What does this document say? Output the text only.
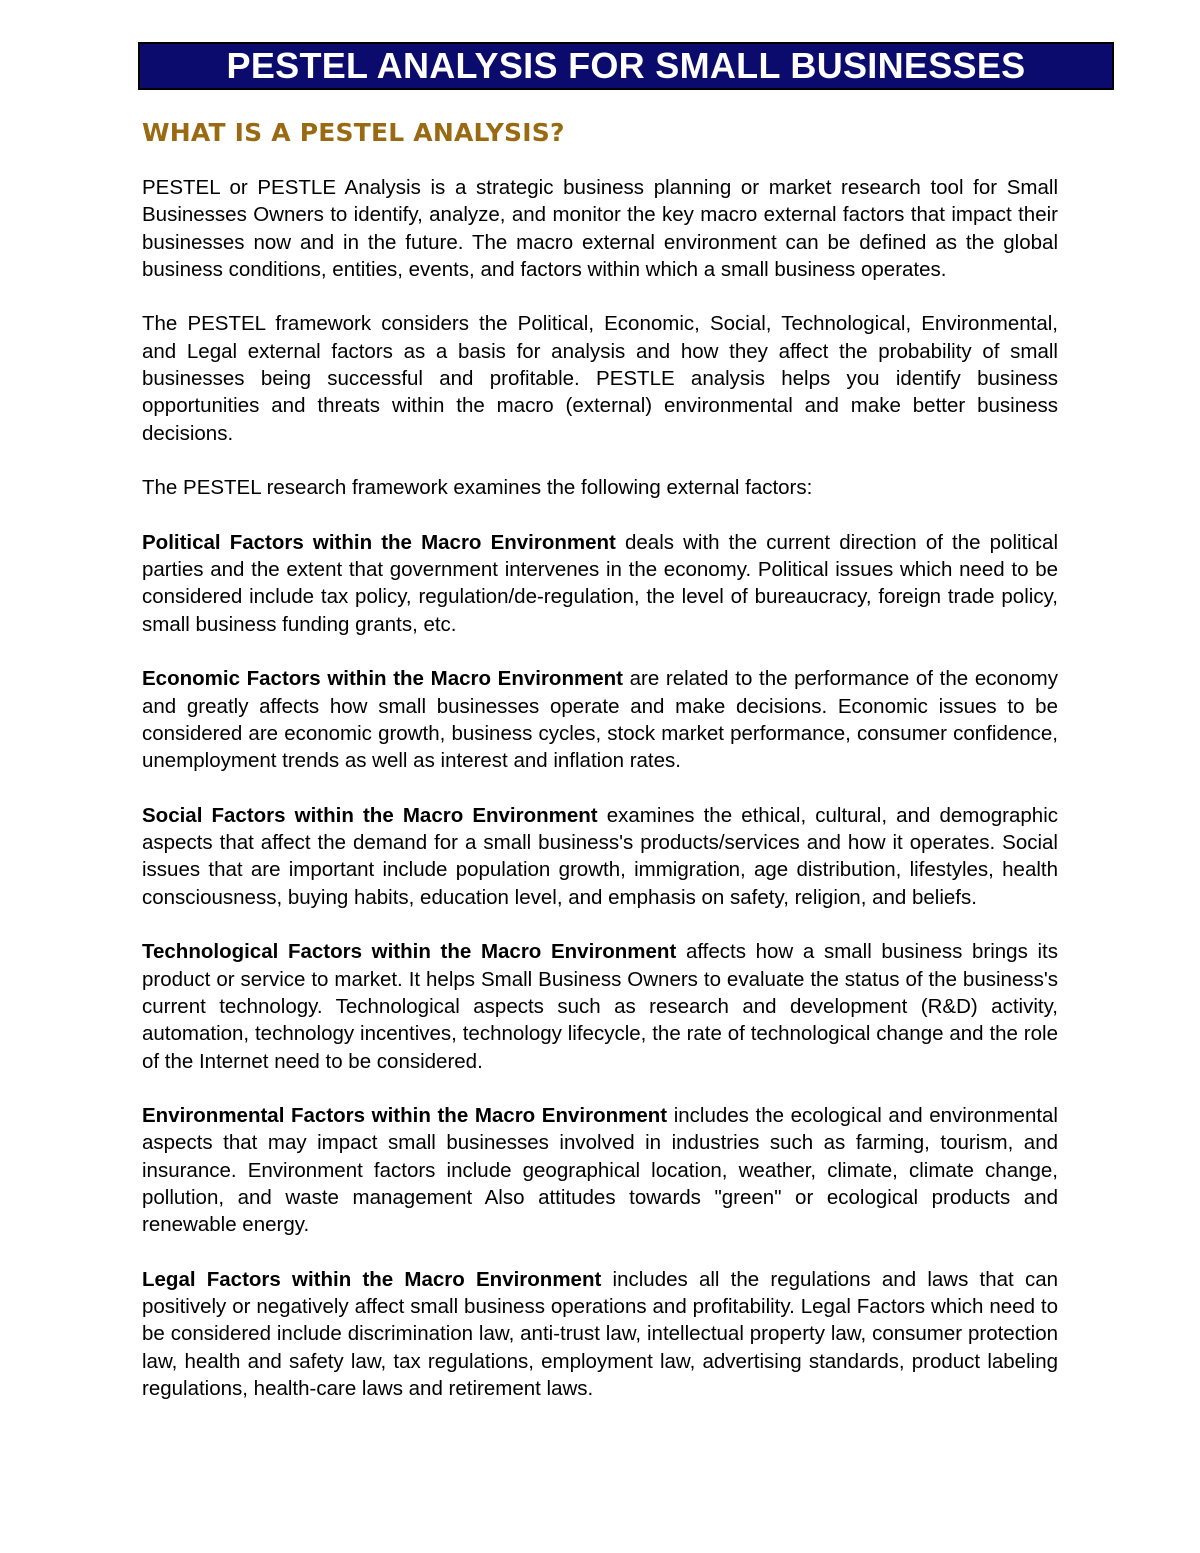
PESTEL ANALYSIS FOR SMALL BUSINESSES
WHAT IS A PESTEL ANALYSIS?

PESTEL or PESTLE Analysis is a strategic business planning or market research tool for Small Businesses Owners to identify, analyze, and monitor the key macro external factors that impact their businesses now and in the future. The macro external environment can be defined as the global business conditions, entities, events, and factors within which a small business operates.

The PESTEL framework considers the Political, Economic, Social, Technological, Environmental, and Legal external factors as a basis for analysis and how they affect the probability of small businesses being successful and profitable. PESTLE analysis helps you identify business opportunities and threats within the macro (external) environmental and make better business decisions.

The PESTEL research framework examines the following external factors:

Political Factors within the Macro Environment deals with the current direction of the political parties and the extent that government intervenes in the economy. Political issues which need to be considered include tax policy, regulation/de-regulation, the level of bureaucracy, foreign trade policy, small business funding grants, etc.

Economic Factors within the Macro Environment are related to the performance of the economy and greatly affects how small businesses operate and make decisions. Economic issues to be considered are economic growth, business cycles, stock market performance, consumer confidence, unemployment trends as well as interest and inflation rates.

Social Factors within the Macro Environment examines the ethical, cultural, and demographic aspects that affect the demand for a small business's products/services and how it operates. Social issues that are important include population growth, immigration, age distribution, lifestyles, health consciousness, buying habits, education level, and emphasis on safety, religion, and beliefs.

Technological Factors within the Macro Environment affects how a small business brings its product or service to market. It helps Small Business Owners to evaluate the status of the business's current technology. Technological aspects such as research and development (R&D) activity, automation, technology incentives, technology lifecycle, the rate of technological change and the role of the Internet need to be considered.

Environmental Factors within the Macro Environment includes the ecological and environmental aspects that may impact small businesses involved in industries such as farming, tourism, and insurance. Environment factors include geographical location, weather, climate, climate change, pollution, and waste management Also attitudes towards "green" or ecological products and renewable energy.

Legal Factors within the Macro Environment includes all the regulations and laws that can positively or negatively affect small business operations and profitability. Legal Factors which need to be considered include discrimination law, anti-trust law, intellectual property law, consumer protection law, health and safety law, tax regulations, employment law, advertising standards, product labeling regulations, health-care laws and retirement laws.
